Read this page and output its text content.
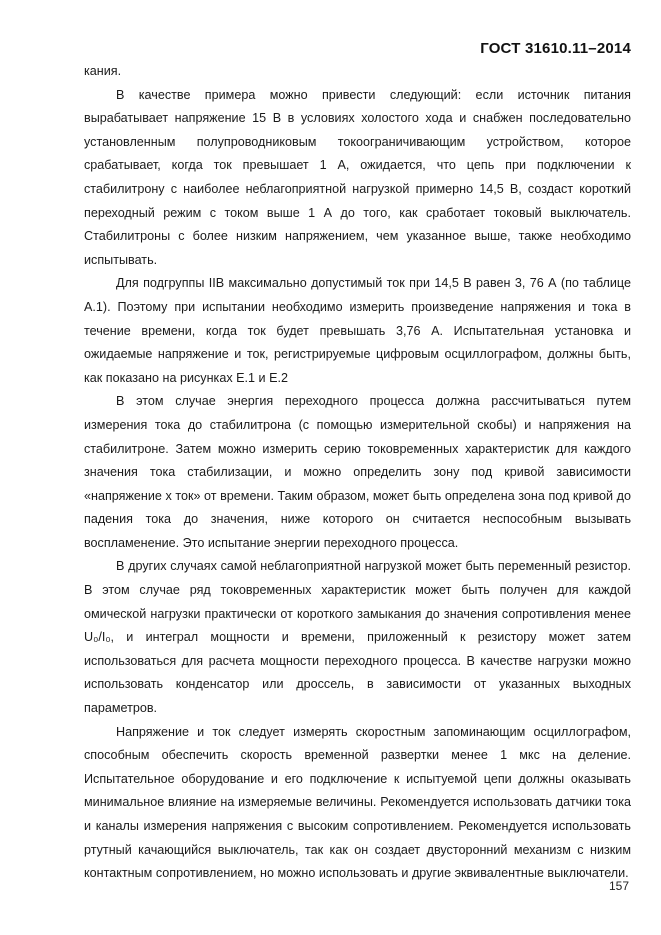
ГОСТ 31610.11–2014

кания.

В качестве примера можно привести следующий: если источник питания вырабатывает напряжение 15 В в условиях холостого хода и снабжен последовательно установленным полупроводниковым токоограничивающим устройством, которое срабатывает, когда ток превышает 1 А, ожидается, что цепь при подключении к стабилитрону с наиболее неблагоприятной нагрузкой примерно 14,5 В, создаст короткий переходный режим с током выше 1 А до того, как сработает токовый выключатель. Стабилитроны с более низким напряжением, чем указанное выше, также необходимо испытывать.

Для подгруппы IIB максимально допустимый ток при 14,5 В равен 3, 76 А (по таблице А.1). Поэтому при испытании необходимо измерить произведение напряжения и тока в течение времени, когда ток будет превышать 3,76 А. Испытательная установка и ожидаемые напряжение и ток, регистрируемые цифровым осциллографом, должны быть, как показано на рисунках Е.1 и Е.2

В этом случае энергия переходного процесса должна рассчитываться путем измерения тока до стабилитрона (с помощью измерительной скобы) и напряжения на стабилитроне. Затем можно измерить серию токовременных характеристик для каждого значения тока стабилизации, и можно определить зону под кривой зависимости «напряжение х ток» от времени. Таким образом, может быть определена зона под кривой до падения тока до значения, ниже которого он считается неспособным вызывать воспламенение. Это испытание энергии переходного процесса.

В других случаях самой неблагоприятной нагрузкой может быть переменный резистор. В этом случае ряд токовременных характеристик может быть получен для каждой омической нагрузки практически от короткого замыкания до значения сопротивления менее U₀/I₀, и интеграл мощности и времени, приложенный к резистору может затем использоваться для расчета мощности переходного процесса. В качестве нагрузки можно использовать конденсатор или дроссель, в зависимости от указанных выходных параметров.

Напряжение и ток следует измерять скоростным запоминающим осциллографом, способным обеспечить скорость временной развертки менее 1 мкс на деление. Испытательное оборудование и его подключение к испытуемой цепи должны оказывать минимальное влияние на измеряемые величины. Рекомендуется использовать датчики тока и каналы измерения напряжения с высоким сопротивлением. Рекомендуется использовать ртутный качающийся выключатель, так как он создает двусторонний механизм с низким контактным сопротивлением, но можно использовать и другие эквивалентные выключатели.

157
